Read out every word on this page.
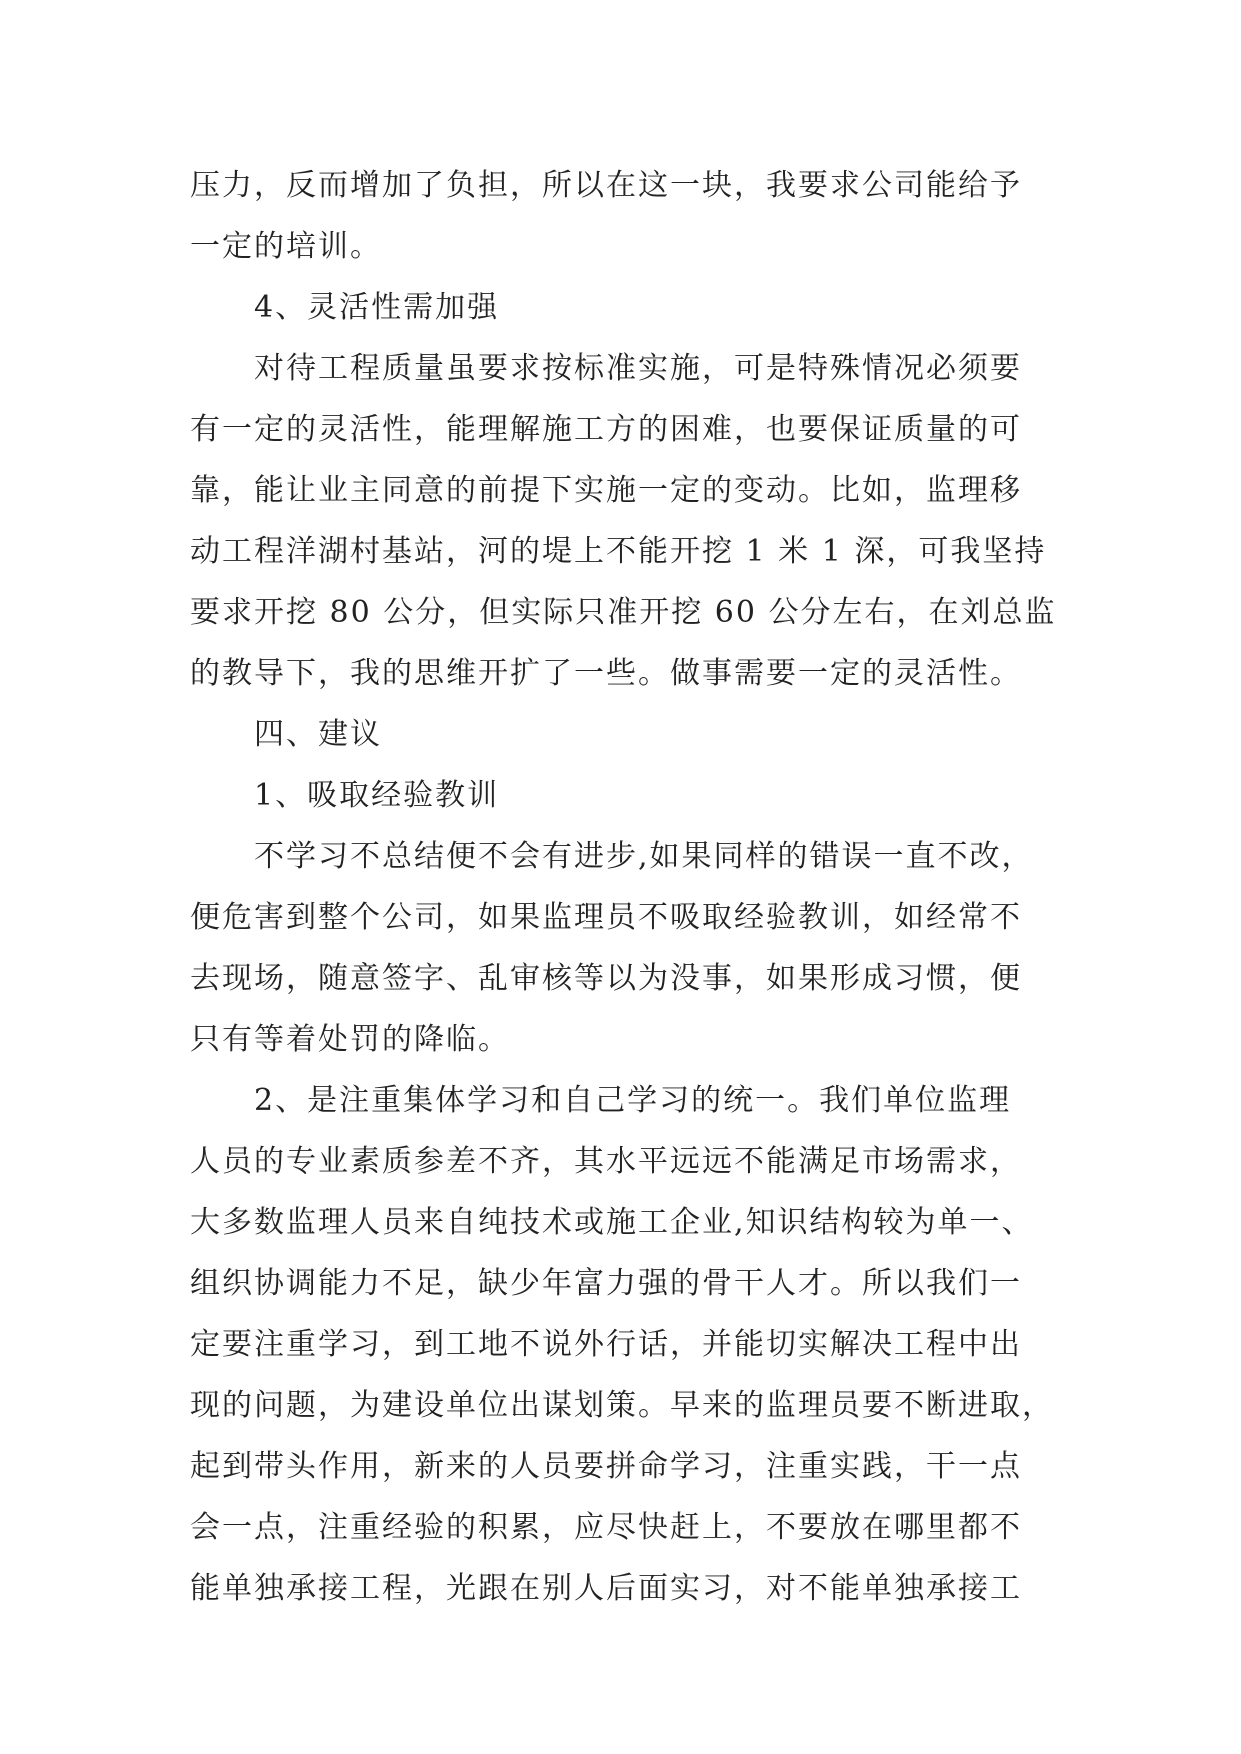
压力，反而增加了负担，所以在这一块，我要求公司能给予
一定的培训。
4、灵活性需加强
对待工程质量虽要求按标准实施，可是特殊情况必须要
有一定的灵活性，能理解施工方的困难，也要保证质量的可
靠，能让业主同意的前提下实施一定的变动。比如，监理移
动工程洋湖村基站，河的堤上不能开挖 1 米 1 深，可我坚持
要求开挖 80 公分，但实际只准开挖 60 公分左右，在刘总监
的教导下，我的思维开扩了一些。做事需要一定的灵活性。
四、建议
1、吸取经验教训
不学习不总结便不会有进步,如果同样的错误一直不改，
便危害到整个公司，如果监理员不吸取经验教训，如经常不
去现场，随意签字、乱审核等以为没事，如果形成习惯，便
只有等着处罚的降临。
2、是注重集体学习和自己学习的统一。我们单位监理
人员的专业素质参差不齐，其水平远远不能满足市场需求，
大多数监理人员来自纯技术或施工企业,知识结构较为单一、
组织协调能力不足，缺少年富力强的骨干人才。所以我们一
定要注重学习，到工地不说外行话，并能切实解决工程中出
现的问题，为建设单位出谋划策。早来的监理员要不断进取，
起到带头作用，新来的人员要拼命学习，注重实践，干一点
会一点，注重经验的积累，应尽快赶上，不要放在哪里都不
能单独承接工程，光跟在别人后面实习，对不能单独承接工
